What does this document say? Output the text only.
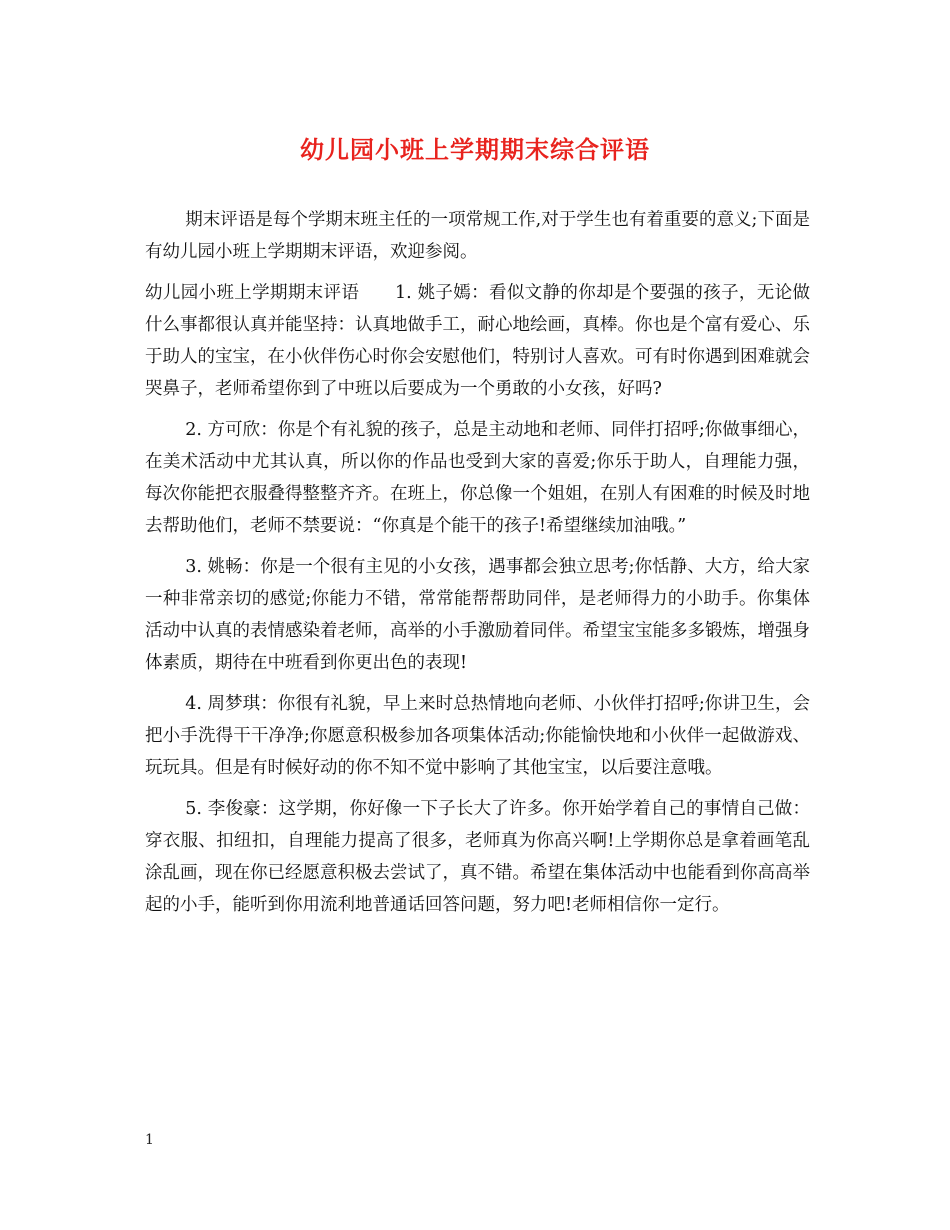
幼儿园小班上学期期末综合评语

期末评语是每个学期末班主任的一项常规工作,对于学生也有着重要的意义;下面是有幼儿园小班上学期期末评语，欢迎参阅。

幼儿园小班上学期期末评语　　1. 姚子嫣：看似文静的你却是个要强的孩子，无论做什么事都很认真并能坚持：认真地做手工，耐心地绘画，真棒。你也是个富有爱心、乐于助人的宝宝，在小伙伴伤心时你会安慰他们，特别讨人喜欢。可有时你遇到困难就会哭鼻子，老师希望你到了中班以后要成为一个勇敢的小女孩，好吗?

2. 方可欣：你是个有礼貌的孩子，总是主动地和老师、同伴打招呼;你做事细心，在美术活动中尤其认真，所以你的作品也受到大家的喜爱;你乐于助人，自理能力强，每次你能把衣服叠得整整齐齐。在班上，你总像一个姐姐，在别人有困难的时候及时地去帮助他们，老师不禁要说：“你真是个能干的孩子!希望继续加油哦。”

3. 姚畅：你是一个很有主见的小女孩，遇事都会独立思考;你恬静、大方，给大家一种非常亲切的感觉;你能力不错，常常能帮帮助同伴，是老师得力的小助手。你集体活动中认真的表情感染着老师，高举的小手激励着同伴。希望宝宝能多多锻炼，增强身体素质，期待在中班看到你更出色的表现!

4. 周梦琪：你很有礼貌，早上来时总热情地向老师、小伙伴打招呼;你讲卫生，会把小手洗得干干净净;你愿意积极参加各项集体活动;你能愉快地和小伙伴一起做游戏、玩玩具。但是有时候好动的你不知不觉中影响了其他宝宝，以后要注意哦。

5. 李俊豪：这学期，你好像一下子长大了许多。你开始学着自己的事情自己做：穿衣服、扣纽扣，自理能力提高了很多，老师真为你高兴啊!上学期你总是拿着画笔乱涂乱画，现在你已经愿意积极去尝试了，真不错。希望在集体活动中也能看到你高高举起的小手，能听到你用流利地普通话回答问题，努力吧!老师相信你一定行。

1
